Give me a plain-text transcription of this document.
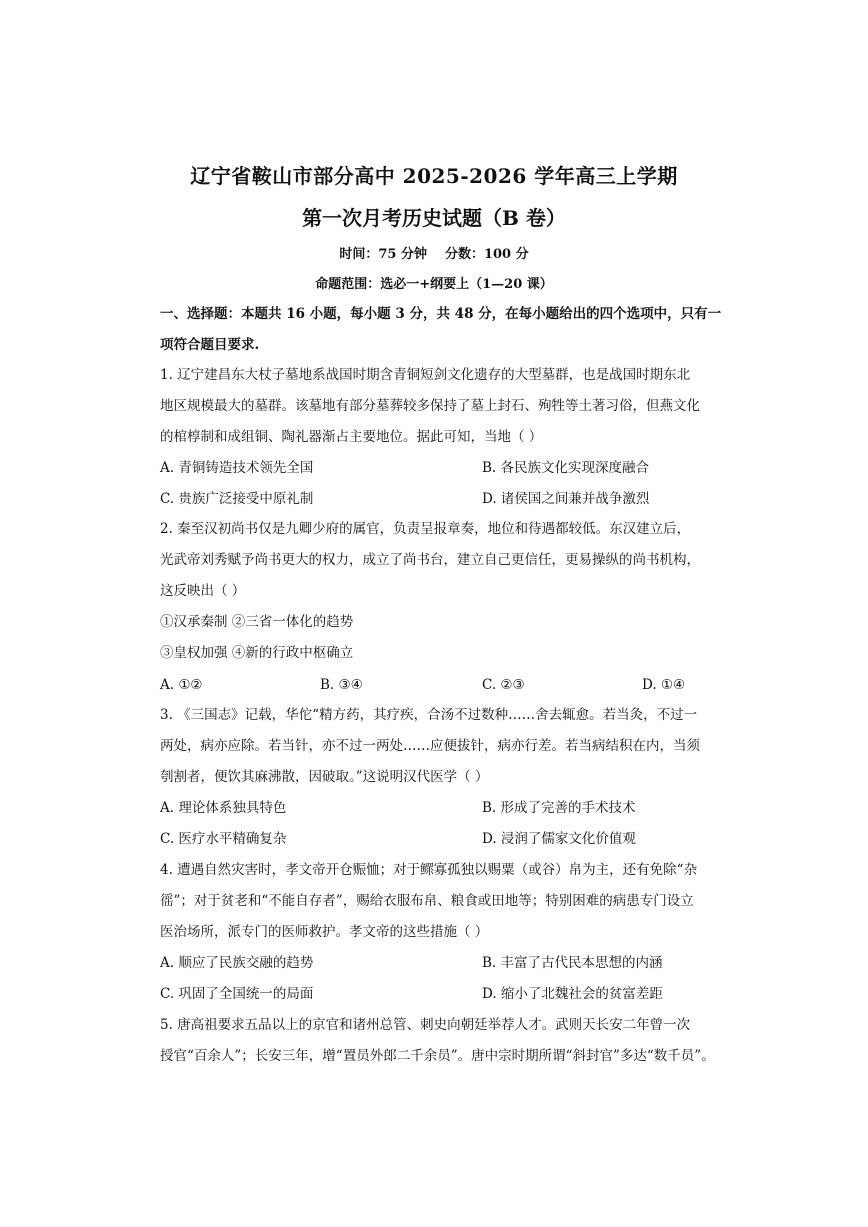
辽宁省鞍山市部分高中 2025-2026 学年高三上学期
第一次月考历史试题（B 卷）
时间：75 分钟 分数：100 分
命题范围：选必一+纲要上（1—20 课）
一、选择题：本题共 16 小题，每小题 3 分，共 48 分，在每小题给出的四个选项中，只有一
项符合题目要求.
1. 辽宁建昌东大杖子墓地系战国时期含青铜短剑文化遗存的大型墓群，也是战国时期东北
地区规模最大的墓群。该墓地有部分墓葬较多保持了墓上封石、殉牲等土著习俗，但燕文化
的棺椁制和成组铜、陶礼器渐占主要地位。据此可知，当地（ ）
A. 青铜铸造技术领先全国	B. 各民族文化实现深度融合
C. 贵族广泛接受中原礼制	D. 诸侯国之间兼并战争激烈
2. 秦至汉初尚书仅是九卿少府的属官，负责呈报章奏，地位和待遇都较低。东汉建立后，
光武帝刘秀赋予尚书更大的权力，成立了尚书台，建立自己更信任，更易操纵的尚书机构，
这反映出（ ）
①汉承秦制 ②三省一体化的趋势
③皇权加强 ④新的行政中枢确立
A. ①②	B. ③④	C. ②③	D. ①④
3. 《三国志》记载，华佗“精方药，其疗疾，合汤不过数种……舍去辄愈。若当灸，不过一
两处，病亦应除。若当针，亦不过一两处……应便拔针，病亦行差。若当病结积在内，当须
刳割者，便饮其麻沸散，因破取。”这说明汉代医学（ ）
A. 理论体系独具特色	B. 形成了完善的手术技术
C. 医疗水平精确复杂	D. 浸润了儒家文化价值观
4. 遭遇自然灾害时，孝文帝开仓赈恤；对于鳏寡孤独以赐粟（或谷）帛为主，还有免除“杂
徭”；对于贫老和“不能自存者”，赐给衣服布帛、粮食或田地等；特别困难的病患专门设立
医治场所，派专门的医师救护。孝文帝的这些措施（ ）
A. 顺应了民族交融的趋势	B. 丰富了古代民本思想的内涵
C. 巩固了全国统一的局面	D. 缩小了北魏社会的贫富差距
5. 唐高祖要求五品以上的京官和诸州总管、刺史向朝廷举荐人才。武则天长安二年曾一次
授官“百余人”；长安三年，增“置员外郎二千余员”。唐中宗时期所谓“斜封官”多达“数千员”。
